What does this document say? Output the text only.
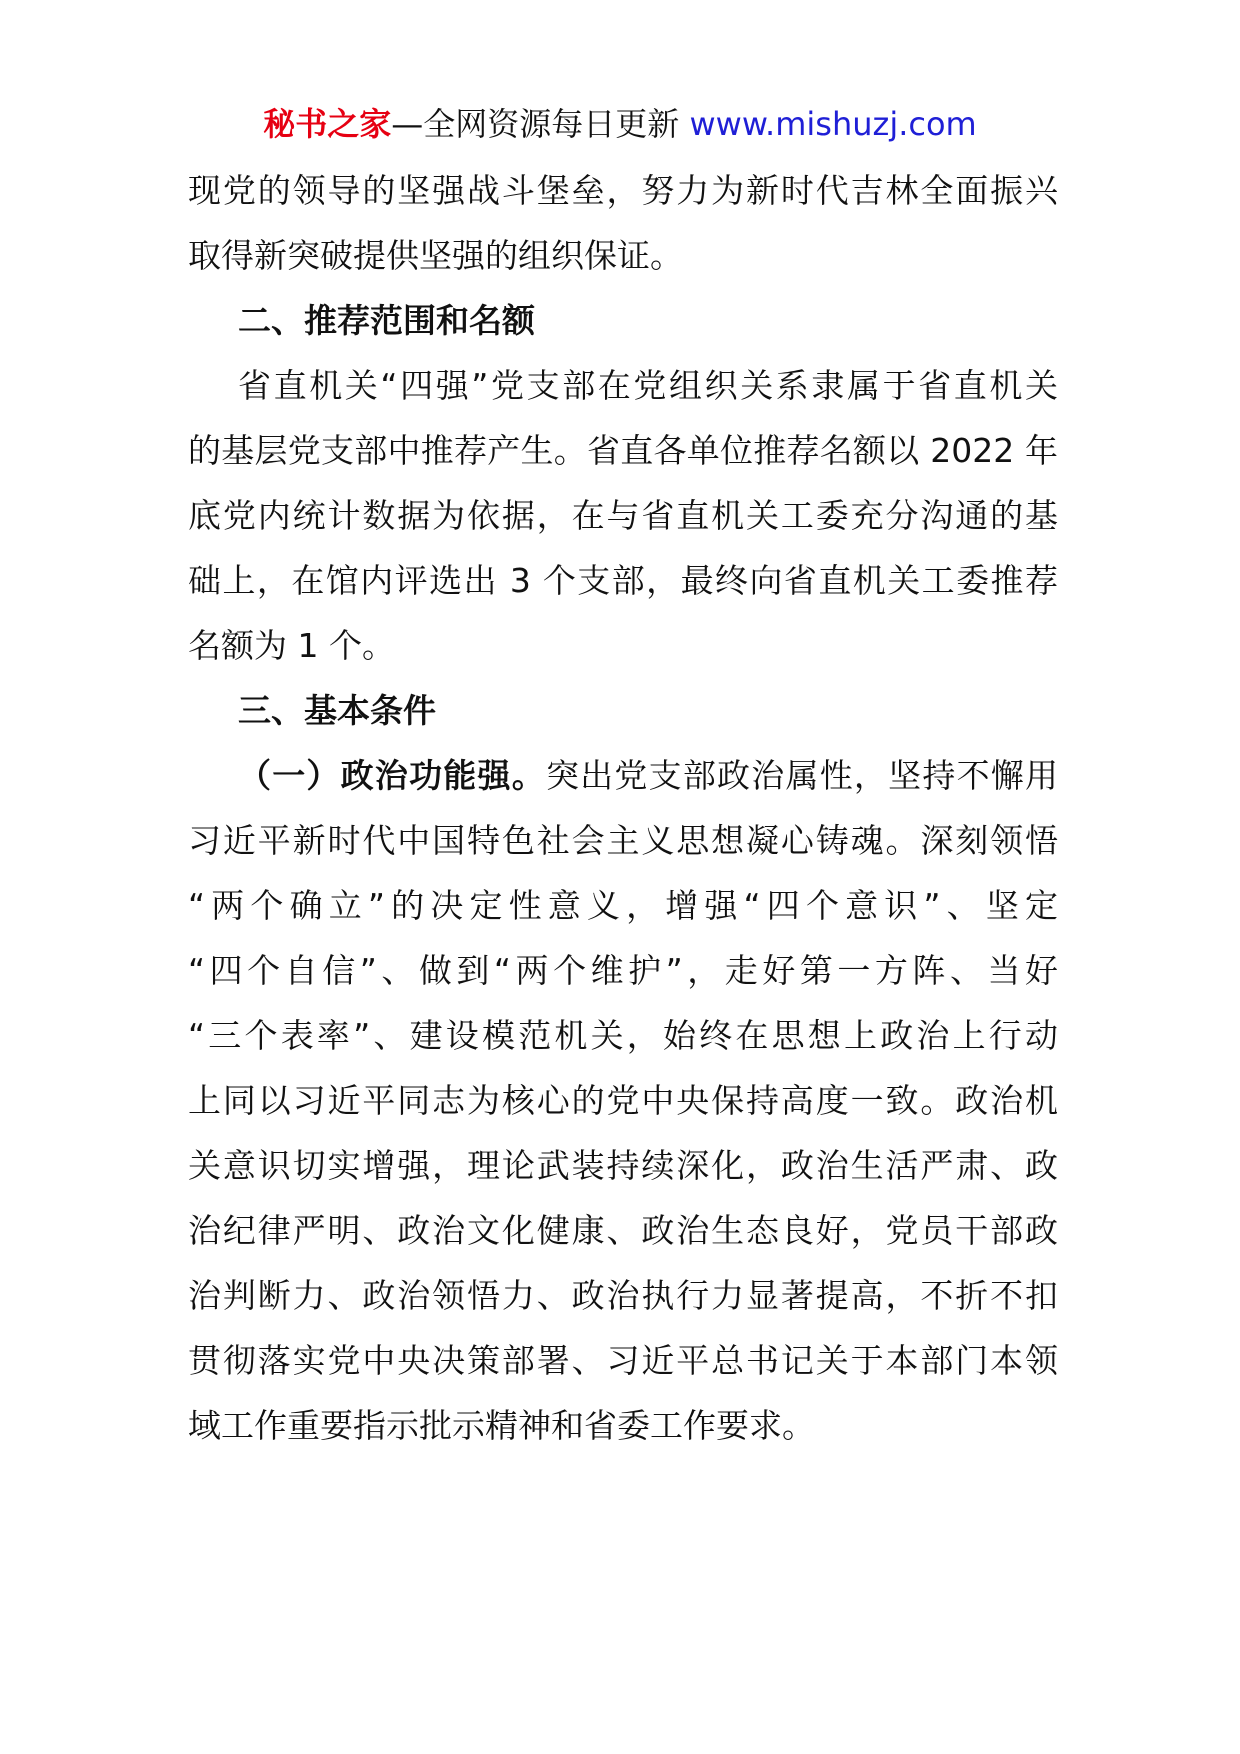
秘书之家—全网资源每日更新 www.mishuzj.com
现党的领导的坚强战斗堡垒，努力为新时代吉林全面振兴
取得新突破提供坚强的组织保证。
二、推荐范围和名额
省直机关“四强”党支部在党组织关系隶属于省直机关
的基层党支部中推荐产生。省直各单位推荐名额以 2022 年
底党内统计数据为依据，在与省直机关工委充分沟通的基
础上，在馆内评选出 3 个支部，最终向省直机关工委推荐
名额为 1 个。
三、基本条件
（一）政治功能强。突出党支部政治属性，坚持不懈用
习近平新时代中国特色社会主义思想凝心铸魂。深刻领悟
“两个确立”的决定性意义，增强“四个意识”、坚定
“四个自信”、做到“两个维护”，走好第一方阵、当好
“三个表率”、建设模范机关，始终在思想上政治上行动
上同以习近平同志为核心的党中央保持高度一致。政治机
关意识切实增强，理论武装持续深化，政治生活严肃、政
治纪律严明、政治文化健康、政治生态良好，党员干部政
治判断力、政治领悟力、政治执行力显著提高，不折不扣
贯彻落实党中央决策部署、习近平总书记关于本部门本领
域工作重要指示批示精神和省委工作要求。
